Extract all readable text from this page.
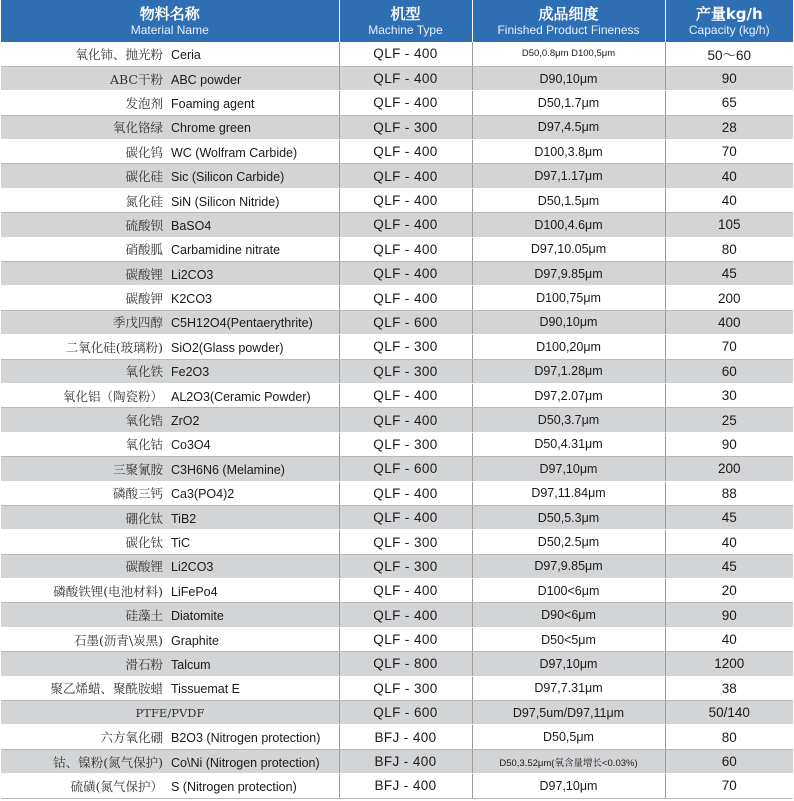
物料名称
Material Name	机型
Machine Type	成品细度
Finished Product Fineness	产量kg/h
Capacity (kg/h)

氧化铈、抛光粉 Ceria	QLF - 400	D50,0.8μm D100,5μm	50～60
ABC干粉 ABC powder	QLF - 400	D90,10μm	90
发泡剂 Foaming agent	QLF - 400	D50,1.7μm	65
氧化铬绿 Chrome green	QLF - 300	D97,4.5μm	28
碳化钨 WC (Wolfram Carbide)	QLF - 400	D100,3.8μm	70
碳化硅 Sic (Silicon Carbide)	QLF - 400	D97,1.17μm	40
氮化硅 SiN (Silicon Nitride)	QLF - 400	D50,1.5μm	40
硫酸钡 BaSO4	QLF - 400	D100,4.6μm	105
硝酸胍 Carbamidine nitrate	QLF - 400	D97,10.05μm	80
碳酸锂 Li2CO3	QLF - 400	D97,9.85μm	45
碳酸钾 K2CO3	QLF - 400	D100,75μm	200
季戊四醇 C5H12O4(Pentaerythrite)	QLF - 600	D90,10μm	400
二氧化硅(玻璃粉) SiO2(Glass powder)	QLF - 300	D100,20μm	70
氧化铁 Fe2O3	QLF - 300	D97,1.28μm	60
氧化铝（陶瓷粉） AL2O3(Ceramic Powder)	QLF - 400	D97,2.07μm	30
氧化锆 ZrO2	QLF - 400	D50,3.7μm	25
氧化钴 Co3O4	QLF - 300	D50,4.31μm	90
三聚氰胺 C3H6N6 (Melamine)	QLF - 600	D97,10μm	200
磷酸三钙 Ca3(PO4)2	QLF - 400	D97,11.84μm	88
硼化钛 TiB2	QLF - 400	D50,5.3μm	45
碳化钛 TiC	QLF - 300	D50,2.5μm	40
碳酸锂 Li2CO3	QLF - 300	D97,9.85μm	45
磷酸铁锂(电池材料) LiFePo4	QLF - 400	D100<6μm	20
硅藻土 Diatomite	QLF - 400	D90<6μm	90
石墨(沥青\炭黑) Graphite	QLF - 400	D50<5μm	40
滑石粉 Talcum	QLF - 800	D97,10μm	1200
聚乙烯蜡、聚酰胺蜡 Tissuemat E	QLF - 300	D97,7.31μm	38
PTFE/PVDF	QLF - 600	D97,5um/D97,11μm	50/140
六方氧化硼 B2O3 (Nitrogen protection)	BFJ - 400	D50,5μm	80
钴、镍粉(氮气保护) Co\Ni (Nitrogen protection)	BFJ - 400	D50,3.52μm(氧含量增长<0.03%)	60
硫磺(氮气保护） S (Nitrogen protection)	BFJ - 400	D97,10μm	70
